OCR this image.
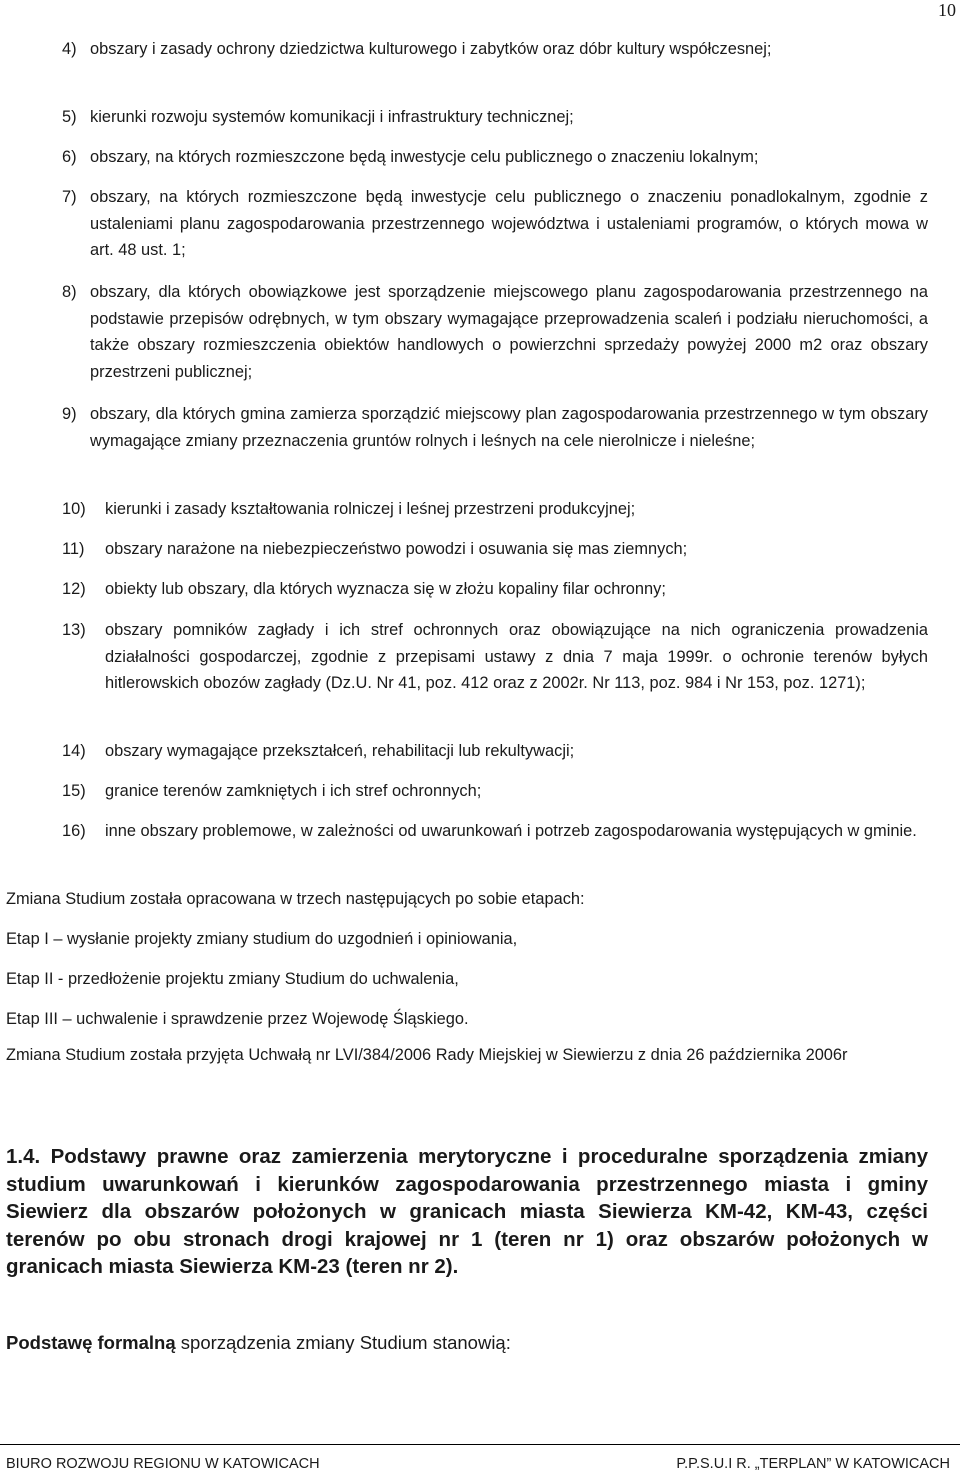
10
4) obszary i zasady ochrony dziedzictwa kulturowego i zabytków oraz dóbr kultury współczesnej;
5) kierunki rozwoju systemów komunikacji i infrastruktury technicznej;
6) obszary, na których rozmieszczone będą inwestycje celu publicznego o znaczeniu lokalnym;
7) obszary, na których rozmieszczone będą inwestycje celu publicznego o znaczeniu ponadlokalnym, zgodnie z ustaleniami planu zagospodarowania przestrzennego województwa i ustaleniami programów, o których mowa w art. 48 ust. 1;
8) obszary, dla których obowiązkowe jest sporządzenie miejscowego planu zagospodarowania przestrzennego na podstawie przepisów odrębnych, w tym obszary wymagające przeprowadzenia scaleń i podziału nieruchomości, a także obszary rozmieszczenia obiektów handlowych o powierzchni sprzedaży powyżej 2000 m2 oraz obszary przestrzeni publicznej;
9) obszary, dla których gmina zamierza sporządzić miejscowy plan zagospodarowania przestrzennego w tym obszary wymagające zmiany przeznaczenia gruntów rolnych i leśnych na cele nierolnicze i nieleśne;
10)	kierunki i zasady kształtowania rolniczej i leśnej przestrzeni produkcyjnej;
11)	obszary narażone na niebezpieczeństwo powodzi i osuwania się mas ziemnych;
12)	obiekty lub obszary, dla których wyznacza się w złożu kopaliny filar ochronny;
13)	obszary pomników zagłady i ich stref ochronnych oraz obowiązujące na nich ograniczenia prowadzenia działalności gospodarczej, zgodnie z przepisami ustawy z dnia 7 maja 1999r. o ochronie terenów byłych hitlerowskich obozów zagłady (Dz.U. Nr 41, poz. 412 oraz z 2002r. Nr 113, poz. 984 i Nr 153, poz. 1271);
14)	obszary wymagające przekształceń, rehabilitacji lub rekultywacji;
15)	granice terenów zamkniętych i ich stref ochronnych;
16)	inne obszary problemowe, w zależności od uwarunkowań i potrzeb zagospodarowania występujących w gminie.
Zmiana Studium została opracowana w trzech następujących po sobie etapach:
Etap I – wysłanie projekty zmiany studium do uzgodnień i opiniowania,
Etap II - przedłożenie projektu zmiany Studium do uchwalenia,
Etap III – uchwalenie i sprawdzenie przez Wojewodę Śląskiego.
Zmiana Studium została przyjęta Uchwałą nr LVI/384/2006 Rady Miejskiej w Siewierzu z dnia 26 października 2006r
1.4. Podstawy prawne oraz zamierzenia merytoryczne i proceduralne sporządzenia zmiany studium uwarunkowań i kierunków zagospodarowania przestrzennego miasta i gminy Siewierz dla obszarów położonych w granicach miasta Siewierza KM-42, KM-43, części terenów po obu stronach drogi krajowej nr 1 (teren nr 1) oraz obszarów położonych w granicach miasta Siewierza KM-23 (teren nr 2).
Podstawę formalną sporządzenia zmiany Studium stanowią:
BIURO ROZWOJU REGIONU W KATOWICACH	P.P.S.U.I R. „TERPLAN” W KATOWICACH
